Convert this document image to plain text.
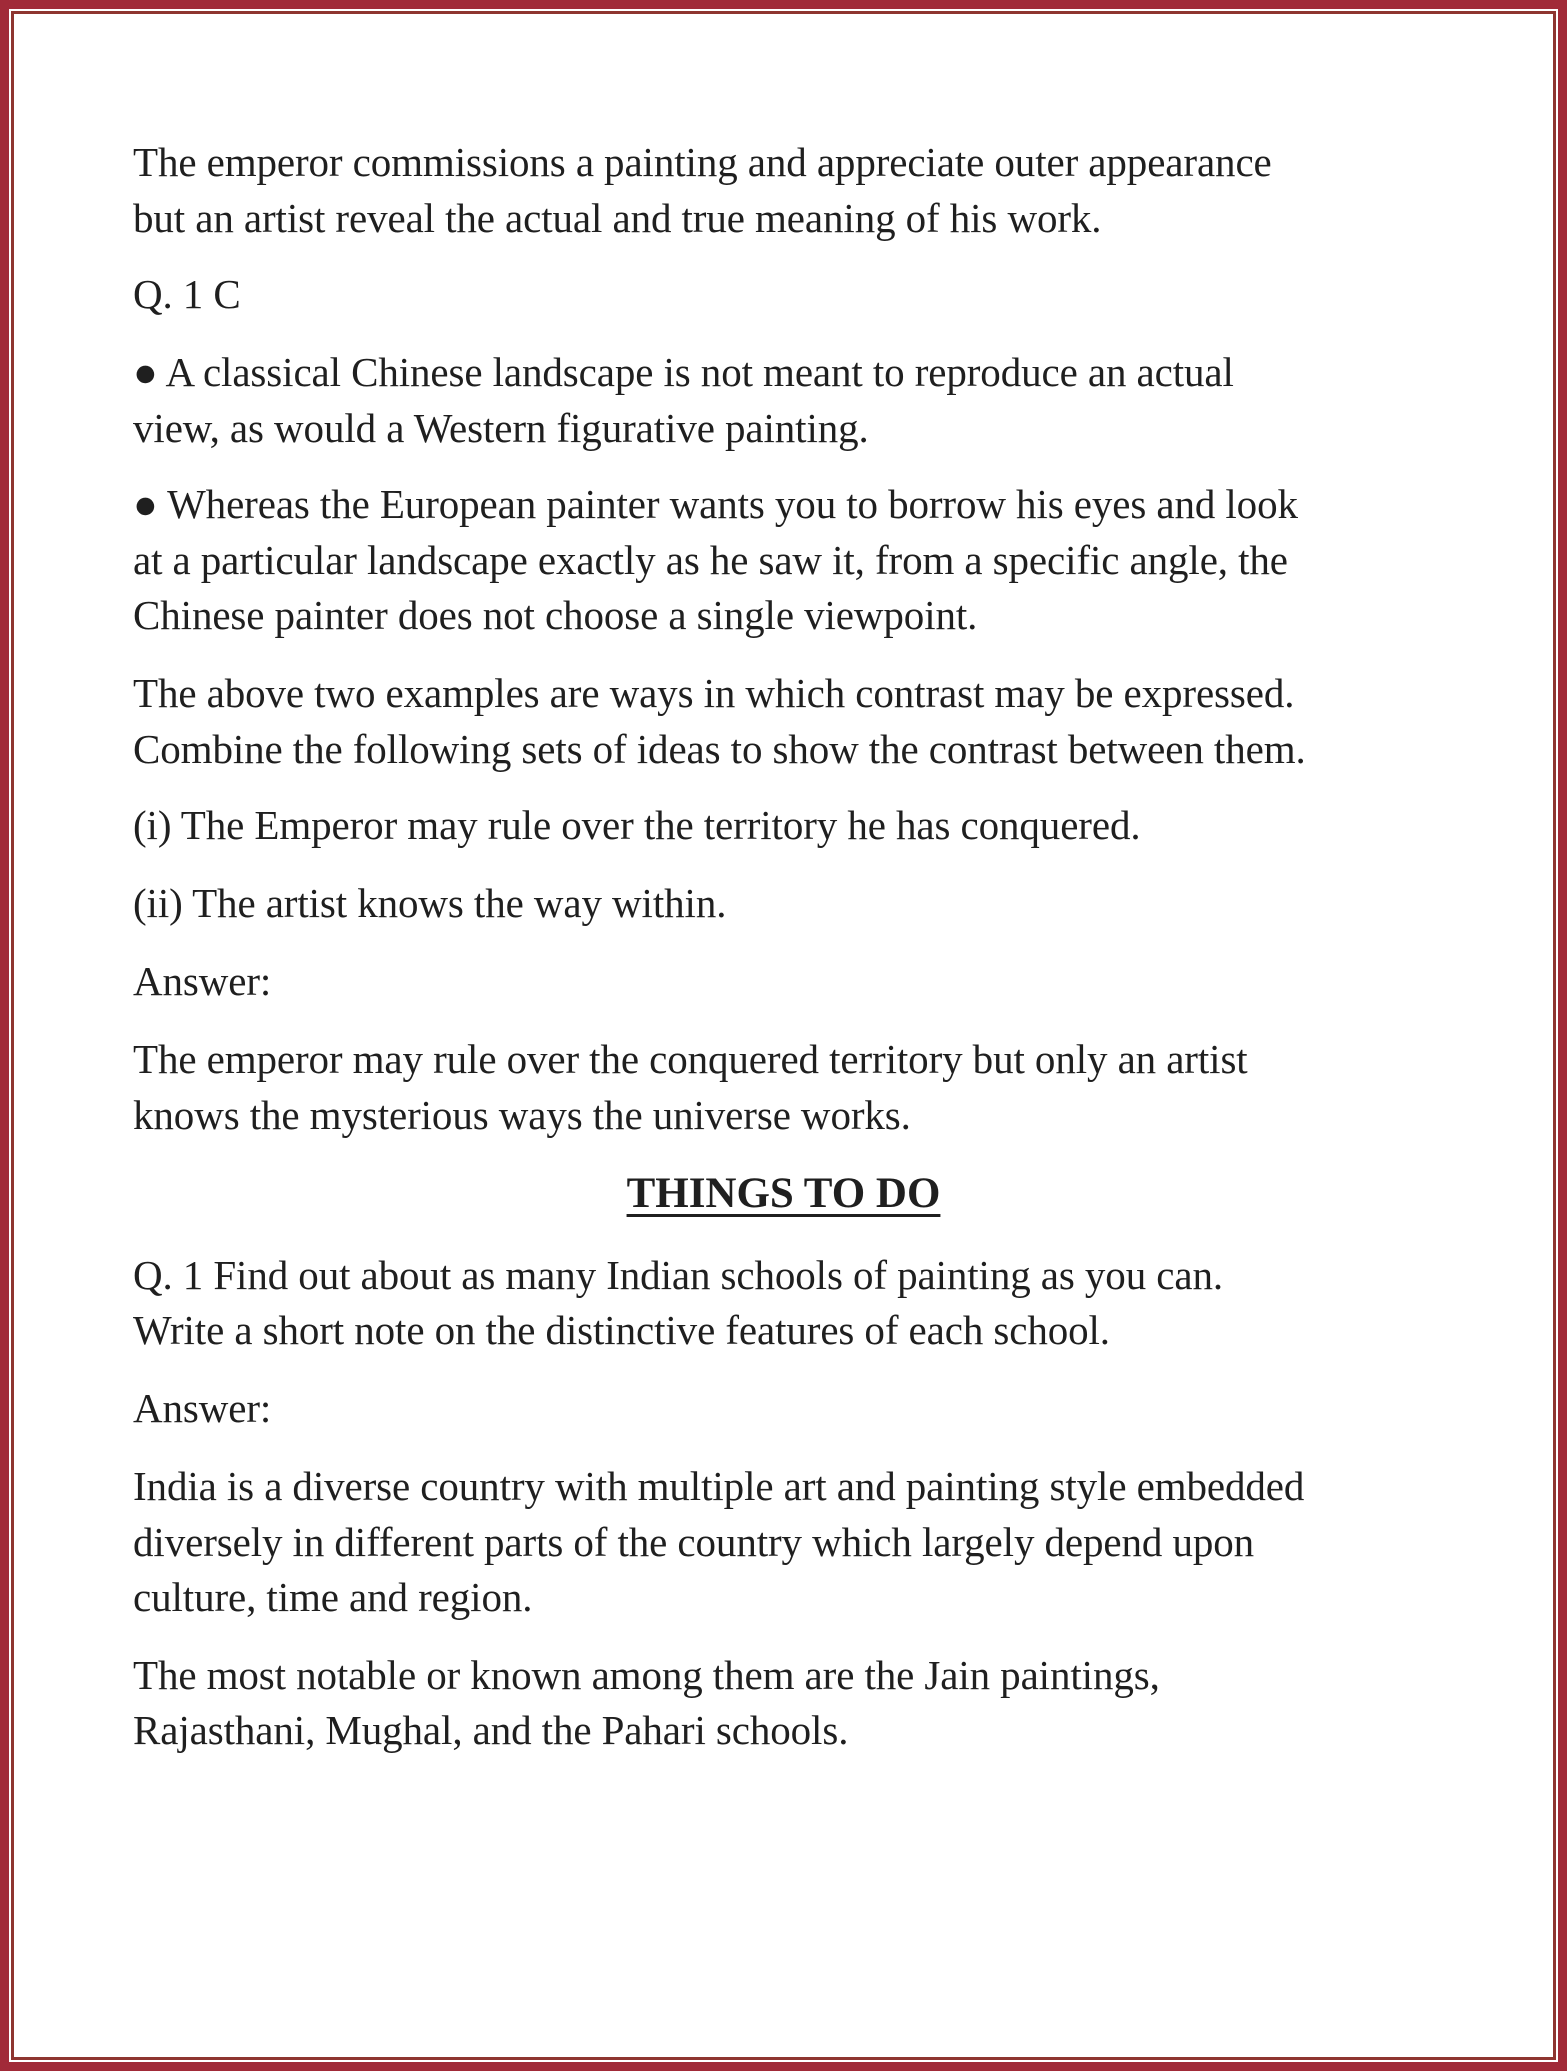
The emperor commissions a painting and appreciate outer appearance
but an artist reveal the actual and true meaning of his work.
Q. 1 C
● A classical Chinese landscape is not meant to reproduce an actual
view, as would a Western figurative painting.
● Whereas the European painter wants you to borrow his eyes and look
at a particular landscape exactly as he saw it, from a specific angle, the
Chinese painter does not choose a single viewpoint.
The above two examples are ways in which contrast may be expressed.
Combine the following sets of ideas to show the contrast between them.
(i) The Emperor may rule over the territory he has conquered.
(ii) The artist knows the way within.
Answer:
The emperor may rule over the conquered territory but only an artist
knows the mysterious ways the universe works.
THINGS TO DO
Q. 1 Find out about as many Indian schools of painting as you can.
Write a short note on the distinctive features of each school.
Answer:
India is a diverse country with multiple art and painting style embedded
diversely in different parts of the country which largely depend upon
culture, time and region.
The most notable or known among them are the Jain paintings,
Rajasthani, Mughal, and the Pahari schools.
